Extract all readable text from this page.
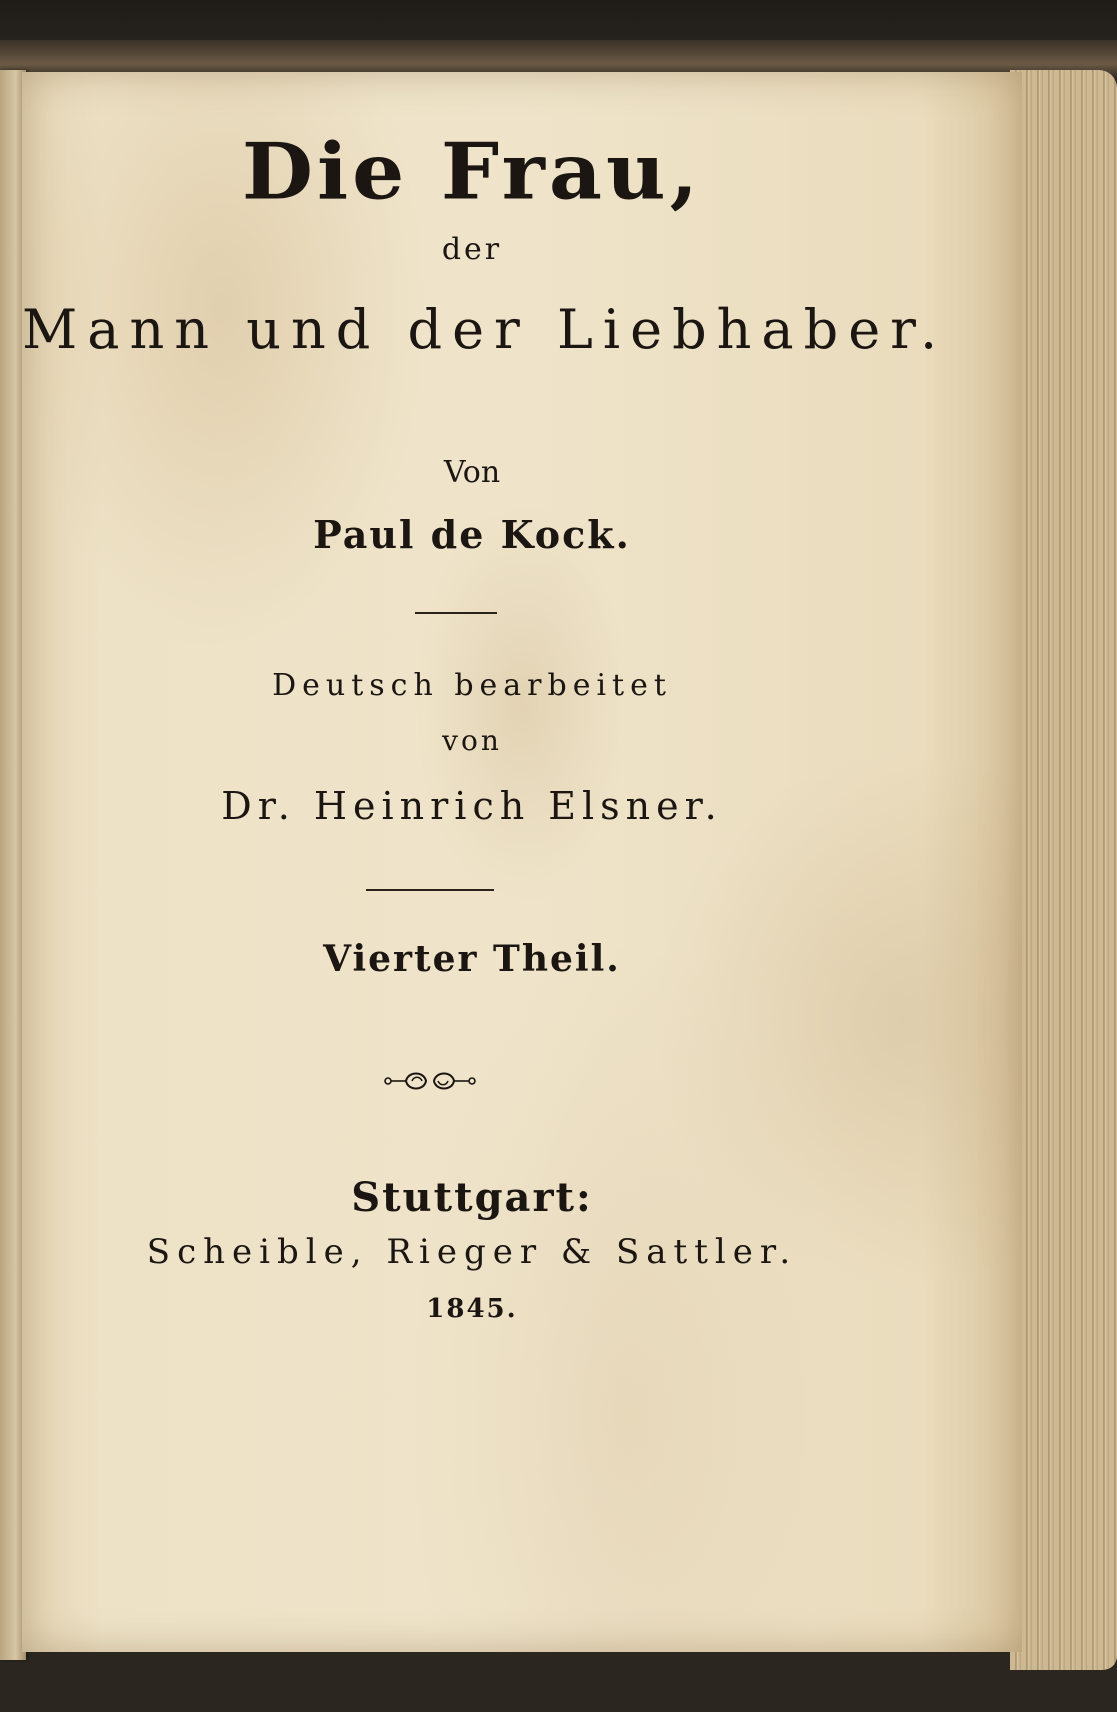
Die Frau,
der
Mann und der Liebhaber.
Von
Paul de Kock.
Deutsch bearbeitet
von
Dr. Heinrich Elsner.
Vierter Theil.
Stuttgart:
Scheible, Rieger & Sattler.
1845.
